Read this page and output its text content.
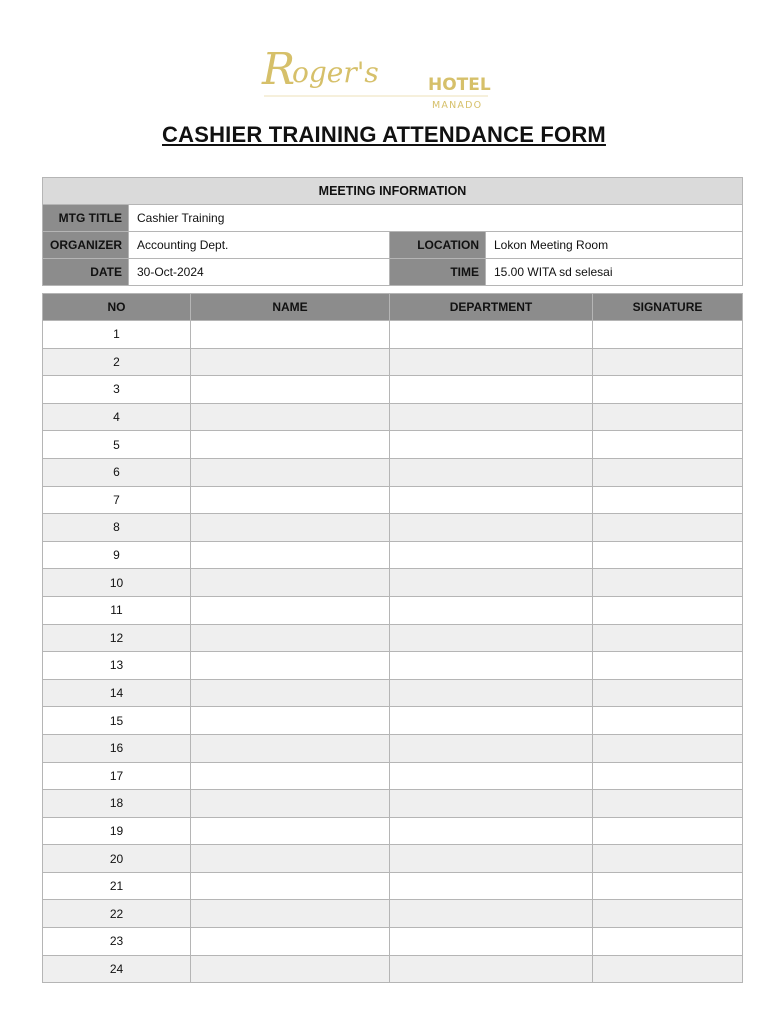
R
oger's	HOTEL
MANADO
CASHIER TRAINING ATTENDANCE FORM
MEETING INFORMATION			
MTG TITLE	Cashier Training		
ORGANIZER	Accounting Dept.	LOCATION	Lokon Meeting Room
DATE	30-Oct-2024	TIME	15.00 WITA sd selesai
NO	NAME	DEPARTMENT	SIGNATURE
1			
2			
3			
4			
5			
6			
7			
8			
9			
10			
11			
12			
13			
14			
15			
16			
17			
18			
19			
20			
21			
22			
23			
24			
